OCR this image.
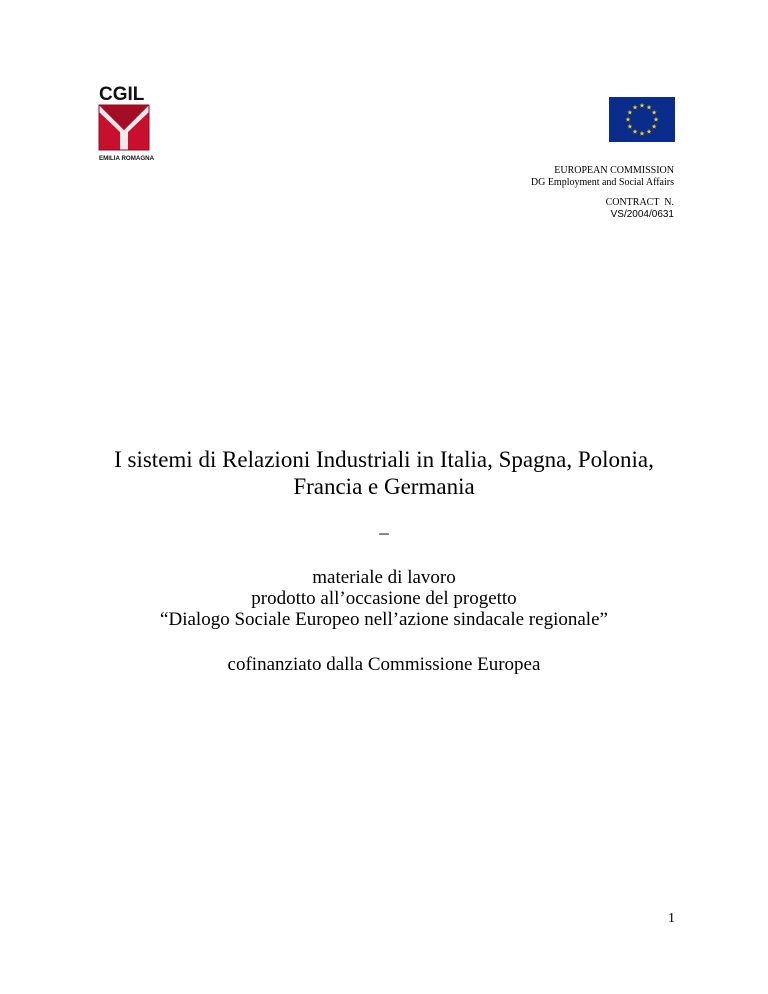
CGIL
EMILIA ROMAGNA
EUROPEAN COMMISSION
DG Employment and Social Affairs
CONTRACT  N.
VS/2004/0631
I sistemi di Relazioni Industriali in Italia, Spagna, Polonia,
Francia e Germania
_
materiale di lavoro
prodotto all’occasione del progetto
“Dialogo Sociale Europeo nell’azione sindacale regionale”
cofinanziato dalla Commissione Europea
1
